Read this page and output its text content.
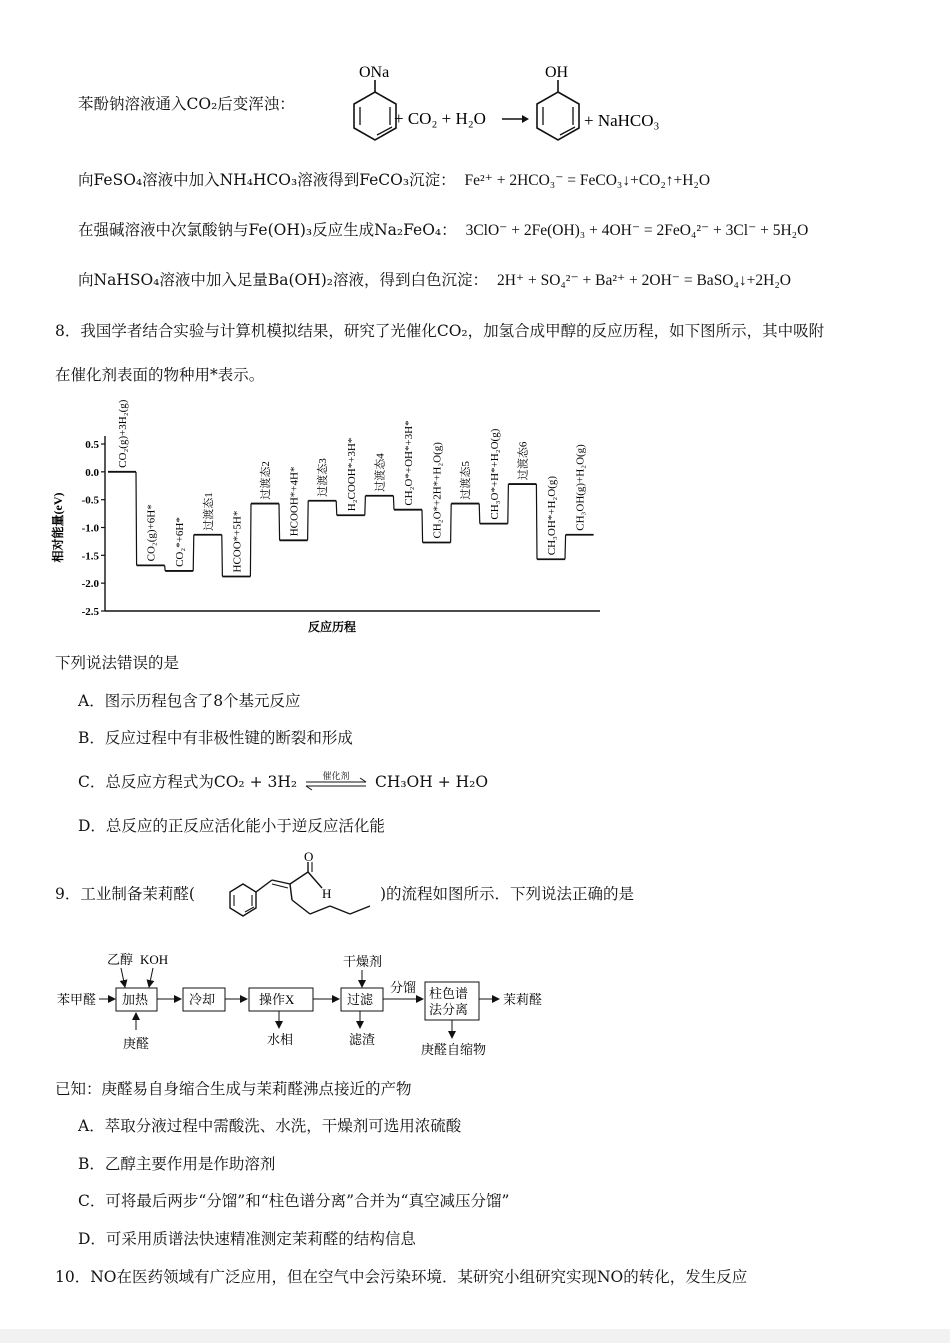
苯酚钠溶液通入CO₂后变浑浊：
ONa
+ CO₂ + H₂O
OH
+ NaHCO₃
向FeSO₄溶液中加入NH₄HCO₃溶液得到FeCO₃沉淀： Fe²⁺ + 2HCO₃⁻ = FeCO₃↓+CO₂↑+H₂O
在强碱溶液中次氯酸钠与Fe(OH)₃反应生成Na₂FeO₄： 3ClO⁻ + 2Fe(OH)₃ + 4OH⁻ = 2FeO₄²⁻ + 3Cl⁻ + 5H₂O
向NaHSO₄溶液中加入足量Ba(OH)₂溶液，得到白色沉淀： 2H⁺ + SO₄²⁻ + Ba²⁺ + 2OH⁻ = BaSO₄↓+2H₂O
8．我国学者结合实验与计算机模拟结果，研究了光催化CO₂，加氢合成甲醇的反应历程，如下图所示，其中吸附
在催化剂表面的物种用*表示。
0.5
0.0
-0.5
-1.0
-1.5
-2.0
-2.5
相对能量(eV)
反应历程
CO₂(g)+3H₂(g)
CO₂(g)+6H* CO₂*+6H*
过渡态1 HCOO*+5H*
过渡态2 HCOOH*+4H* 过渡态3 H₂COOH*+3H* 过渡态4 CH₂O*+OH*+3H* CH₂O*+2H*+H₂O(g) 过渡态5 CH₃O*+H*+H₂O(g) 过渡态6
CH₃OH*+H₂O(g) CH₃OH(g)+H₂O(g)
下列说法错误的是
A．图示历程包含了8个基元反应
B．反应过程中有非极性键的断裂和形成
C．总反应方程式为CO₂ + 3H₂	催化剂	CH₃OH + H₂O
D．总反应的正反应活化能小于逆反应活化能
9．工业制备茉莉醛(
O
H	)的流程如图所示．下列说法正确的是
乙醇 KOH
苯甲醛 加热
庚醛
冷却	操作X
水相
干燥剂
过滤
滤渣
分馏 柱色谱
法分离
庚醛自缩物
茉莉醛
已知：庚醛易自身缩合生成与茉莉醛沸点接近的产物
A．萃取分液过程中需酸洗、水洗，干燥剂可选用浓硫酸
B．乙醇主要作用是作助溶剂
C．可将最后两步“分馏”和“柱色谱分离”合并为“真空减压分馏”
D．可采用质谱法快速精准测定茉莉醛的结构信息
10．NO在医药领域有广泛应用，但在空气中会污染环境．某研究小组研究实现NO的转化，发生反应
